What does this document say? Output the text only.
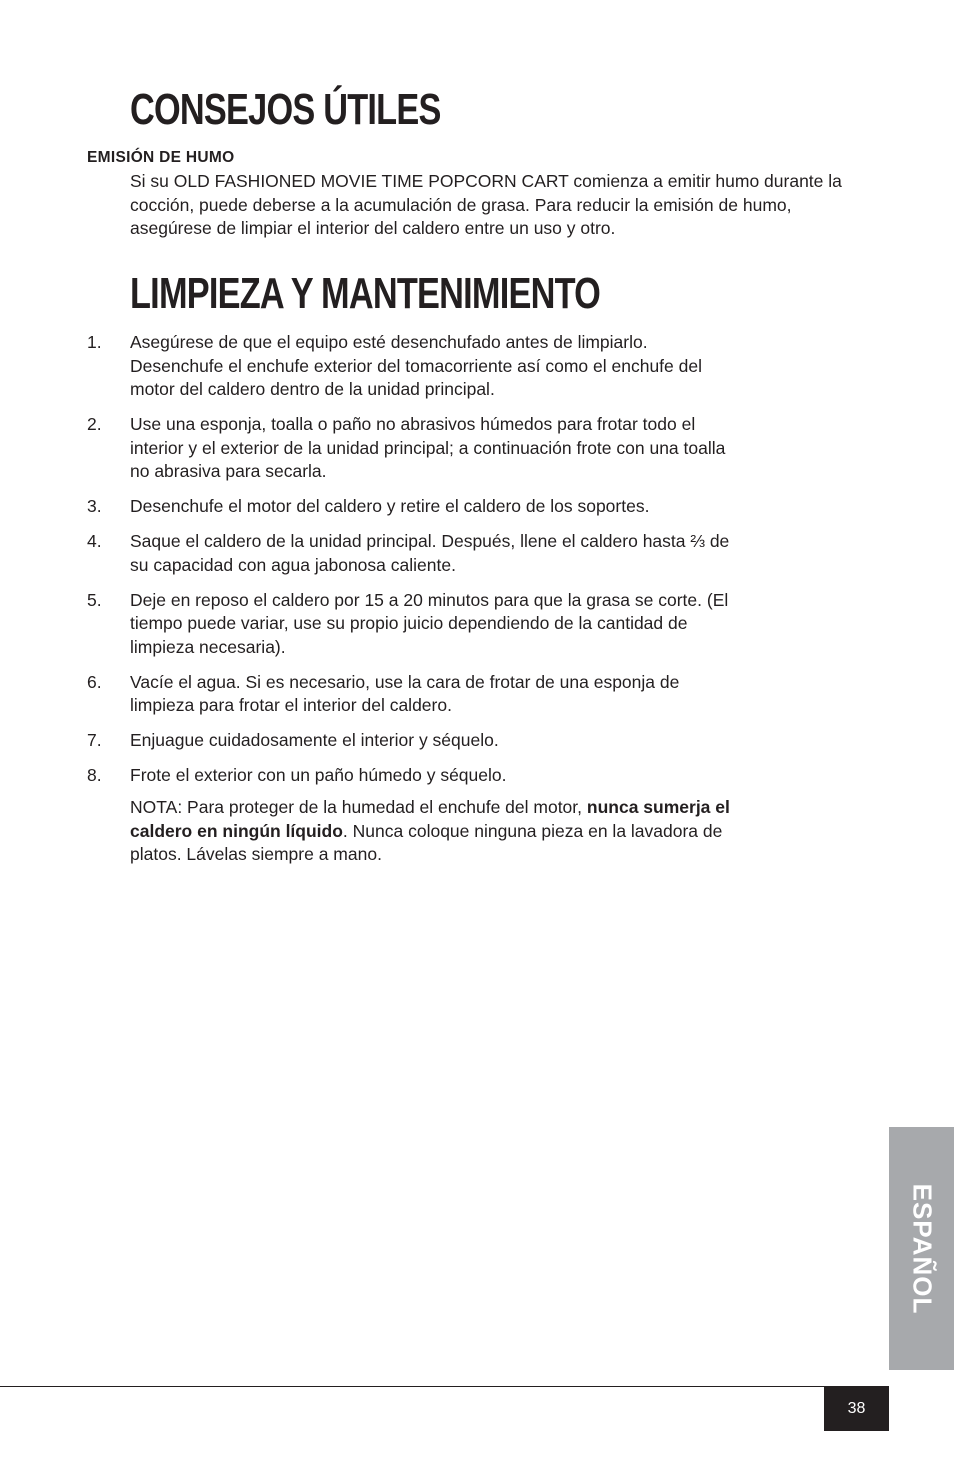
CONSEJOS ÚTILES
EMISIÓN DE HUMO
Si su OLD FASHIONED MOVIE TIME POPCORN CART comienza a emitir humo durante la cocción, puede deberse a la acumulación de grasa. Para reducir la emisión de humo, asegúrese de limpiar el interior del caldero entre un uso y otro.
LIMPIEZA Y MANTENIMIENTO
1.	Asegúrese de que el equipo esté desenchufado antes de limpiarlo. Desenchufe el enchufe exterior del tomacorriente así como el enchufe del motor del caldero dentro de la unidad principal.
2.	Use una esponja, toalla o paño no abrasivos húmedos para frotar todo el interior y el exterior de la unidad principal; a continuación frote con una toalla no abrasiva para secarla.
3.	Desenchufe el motor del caldero y retire el caldero de los soportes.
4.	Saque el caldero de la unidad principal. Después, llene el caldero hasta ⅔ de su capacidad con agua jabonosa caliente.
5.	Deje en reposo el caldero por 15 a 20 minutos para que la grasa se corte. (El tiempo puede variar, use su propio juicio dependiendo de la cantidad de limpieza necesaria).
6.	Vacíe el agua. Si es necesario, use la cara de frotar de una esponja de limpieza para frotar el interior del caldero.
7.	Enjuague cuidadosamente el interior y séquelo.
8.	Frote el exterior con un paño húmedo y séquelo.
NOTA: Para proteger de la humedad el enchufe del motor, nunca sumerja el caldero en ningún líquido. Nunca coloque ninguna pieza en la lavadora de platos. Lávelas siempre a mano.
ESPAÑOL
38
